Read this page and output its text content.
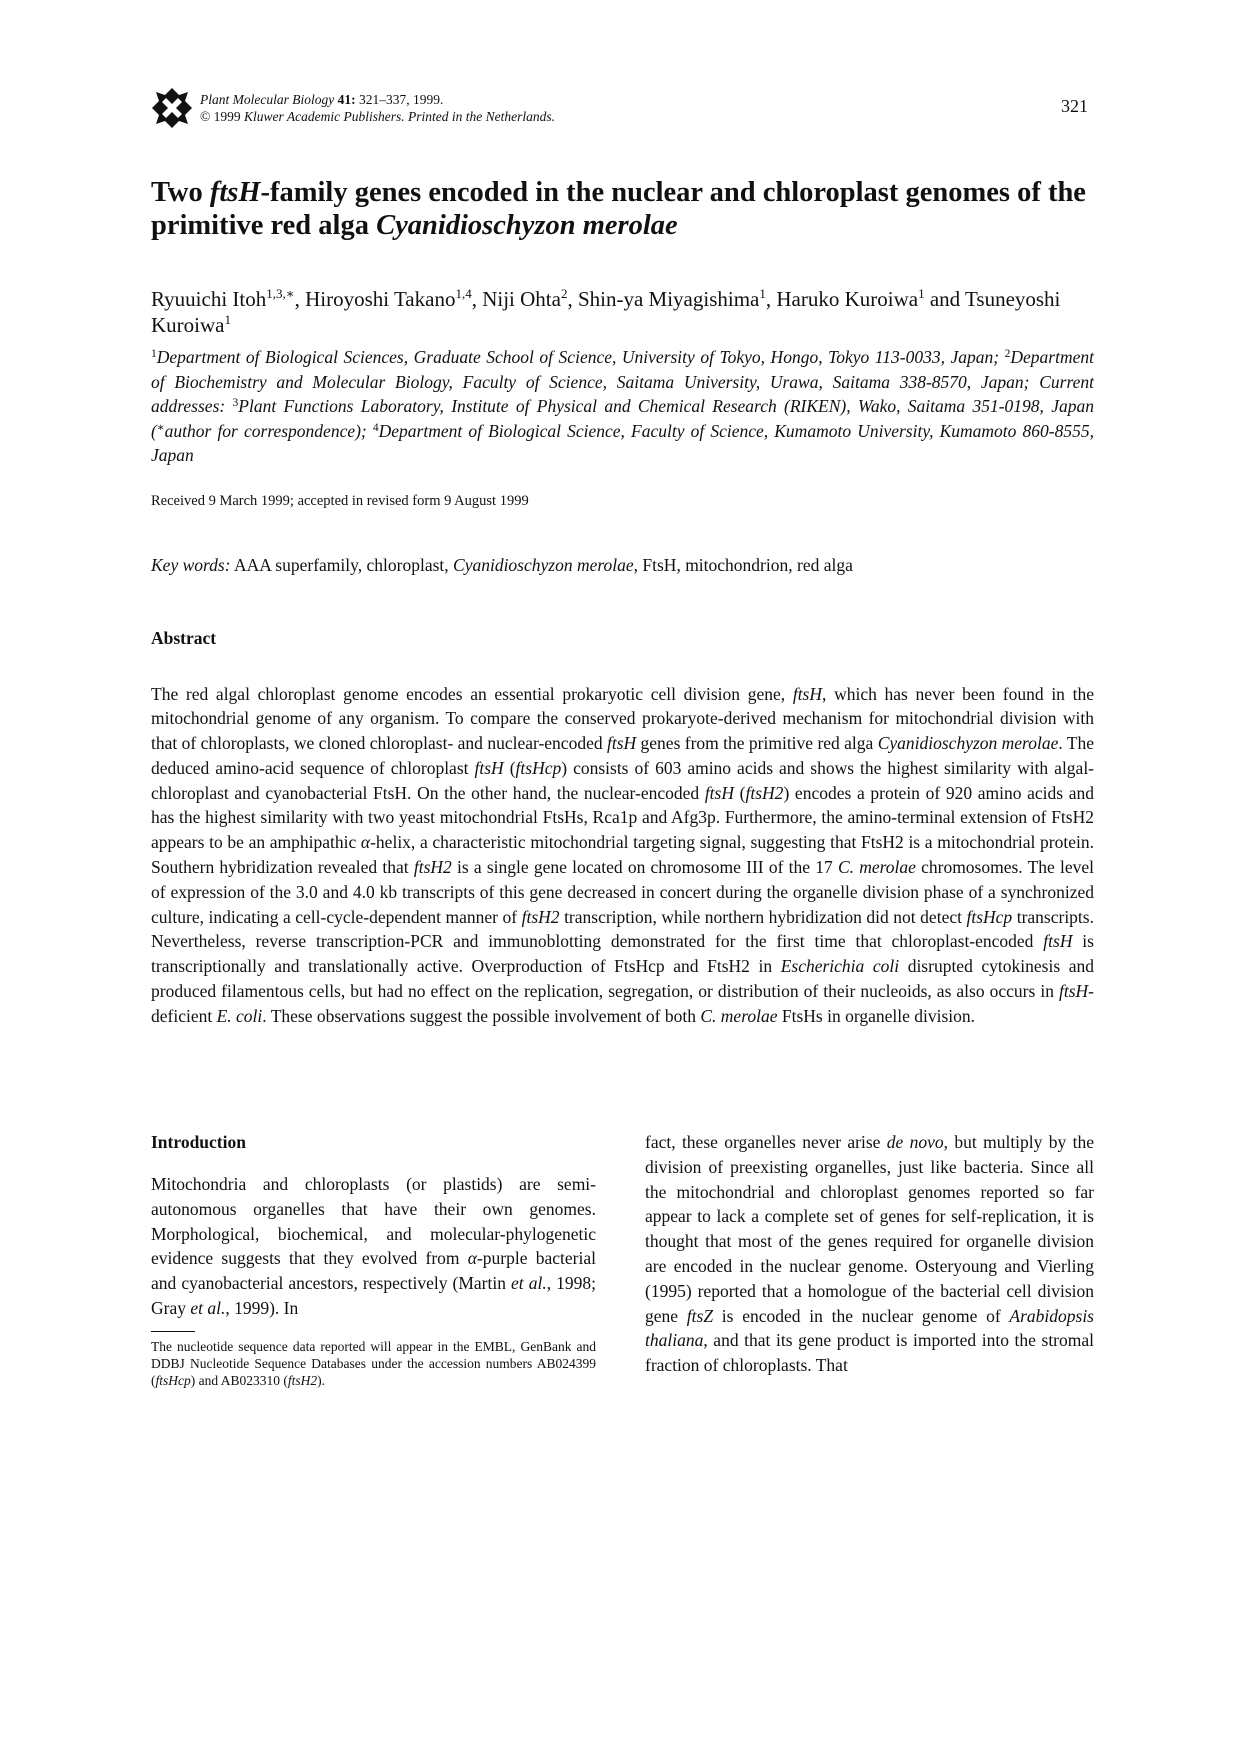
Plant Molecular Biology 41: 321–337, 1999.
© 1999 Kluwer Academic Publishers. Printed in the Netherlands.
321
Two ftsH-family genes encoded in the nuclear and chloroplast genomes of the primitive red alga Cyanidioschyzon merolae
Ryuuichi Itoh$^{1,3,∗}$, Hiroyoshi Takano$^{1,4}$, Niji Ohta$^2$, Shin-ya Miyagishima$^1$, Haruko Kuroiwa$^1$ and Tsuneyoshi Kuroiwa$^1$
$^1$Department of Biological Sciences, Graduate School of Science, University of Tokyo, Hongo, Tokyo 113-0033, Japan; $^2$Department of Biochemistry and Molecular Biology, Faculty of Science, Saitama University, Urawa, Saitama 338-8570, Japan; Current addresses: $^3$Plant Functions Laboratory, Institute of Physical and Chemical Research (RIKEN), Wako, Saitama 351-0198, Japan (∗author for correspondence); $^4$Department of Biological Science, Faculty of Science, Kumamoto University, Kumamoto 860-8555, Japan
Received 9 March 1999; accepted in revised form 9 August 1999
Key words: AAA superfamily, chloroplast, Cyanidioschyzon merolae, FtsH, mitochondrion, red alga
Abstract

The red algal chloroplast genome encodes an essential prokaryotic cell division gene, ftsH, which has never been found in the mitochondrial genome of any organism. To compare the conserved prokaryote-derived mechanism for mitochondrial division with that of chloroplasts, we cloned chloroplast- and nuclear-encoded ftsH genes from the primitive red alga Cyanidioschyzon merolae. The deduced amino-acid sequence of chloroplast ftsH (ftsHcp) consists of 603 amino acids and shows the highest similarity with algal-chloroplast and cyanobacterial FtsH. On the other hand, the nuclear-encoded ftsH (ftsH2) encodes a protein of 920 amino acids and has the highest similarity with two yeast mitochondrial FtsHs, Rca1p and Afg3p. Furthermore, the amino-terminal extension of FtsH2 appears to be an amphipathic α-helix, a characteristic mitochondrial targeting signal, suggesting that FtsH2 is a mitochondrial protein. Southern hybridization revealed that ftsH2 is a single gene located on chromosome III of the 17 C. merolae chromosomes. The level of expression of the 3.0 and 4.0 kb transcripts of this gene decreased in concert during the organelle division phase of a synchronized culture, indicating a cell-cycle-dependent manner of ftsH2 transcription, while northern hybridization did not detect ftsHcp transcripts. Nevertheless, reverse transcription-PCR and immunoblotting demonstrated for the first time that chloroplast-encoded ftsH is transcriptionally and translationally active. Overproduction of FtsHcp and FtsH2 in Escherichia coli disrupted cytokinesis and produced filamentous cells, but had no effect on the replication, segregation, or distribution of their nucleoids, as also occurs in ftsH-deficient E. coli. These observations suggest the possible involvement of both C. merolae FtsHs in organelle division.

Introduction

Mitochondria and chloroplasts (or plastids) are semi-autonomous organelles that have their own genomes. Morphological, biochemical, and molecular-phylogenetic evidence suggests that they evolved from α-purple bacterial and cyanobacterial ancestors, respectively (Martin et al., 1998; Gray et al., 1999). In

The nucleotide sequence data reported will appear in the EMBL, GenBank and DDBJ Nucleotide Sequence Databases under the accession numbers AB024399 (ftsHcp) and AB023310 (ftsH2).

fact, these organelles never arise de novo, but multiply by the division of preexisting organelles, just like bacteria. Since all the mitochondrial and chloroplast genomes reported so far appear to lack a complete set of genes for self-replication, it is thought that most of the genes required for organelle division are encoded in the nuclear genome. Osteryoung and Vierling (1995) reported that a homologue of the bacterial cell division gene ftsZ is encoded in the nuclear genome of Arabidopsis thaliana, and that its gene product is imported into the stromal fraction of chloroplasts. That
